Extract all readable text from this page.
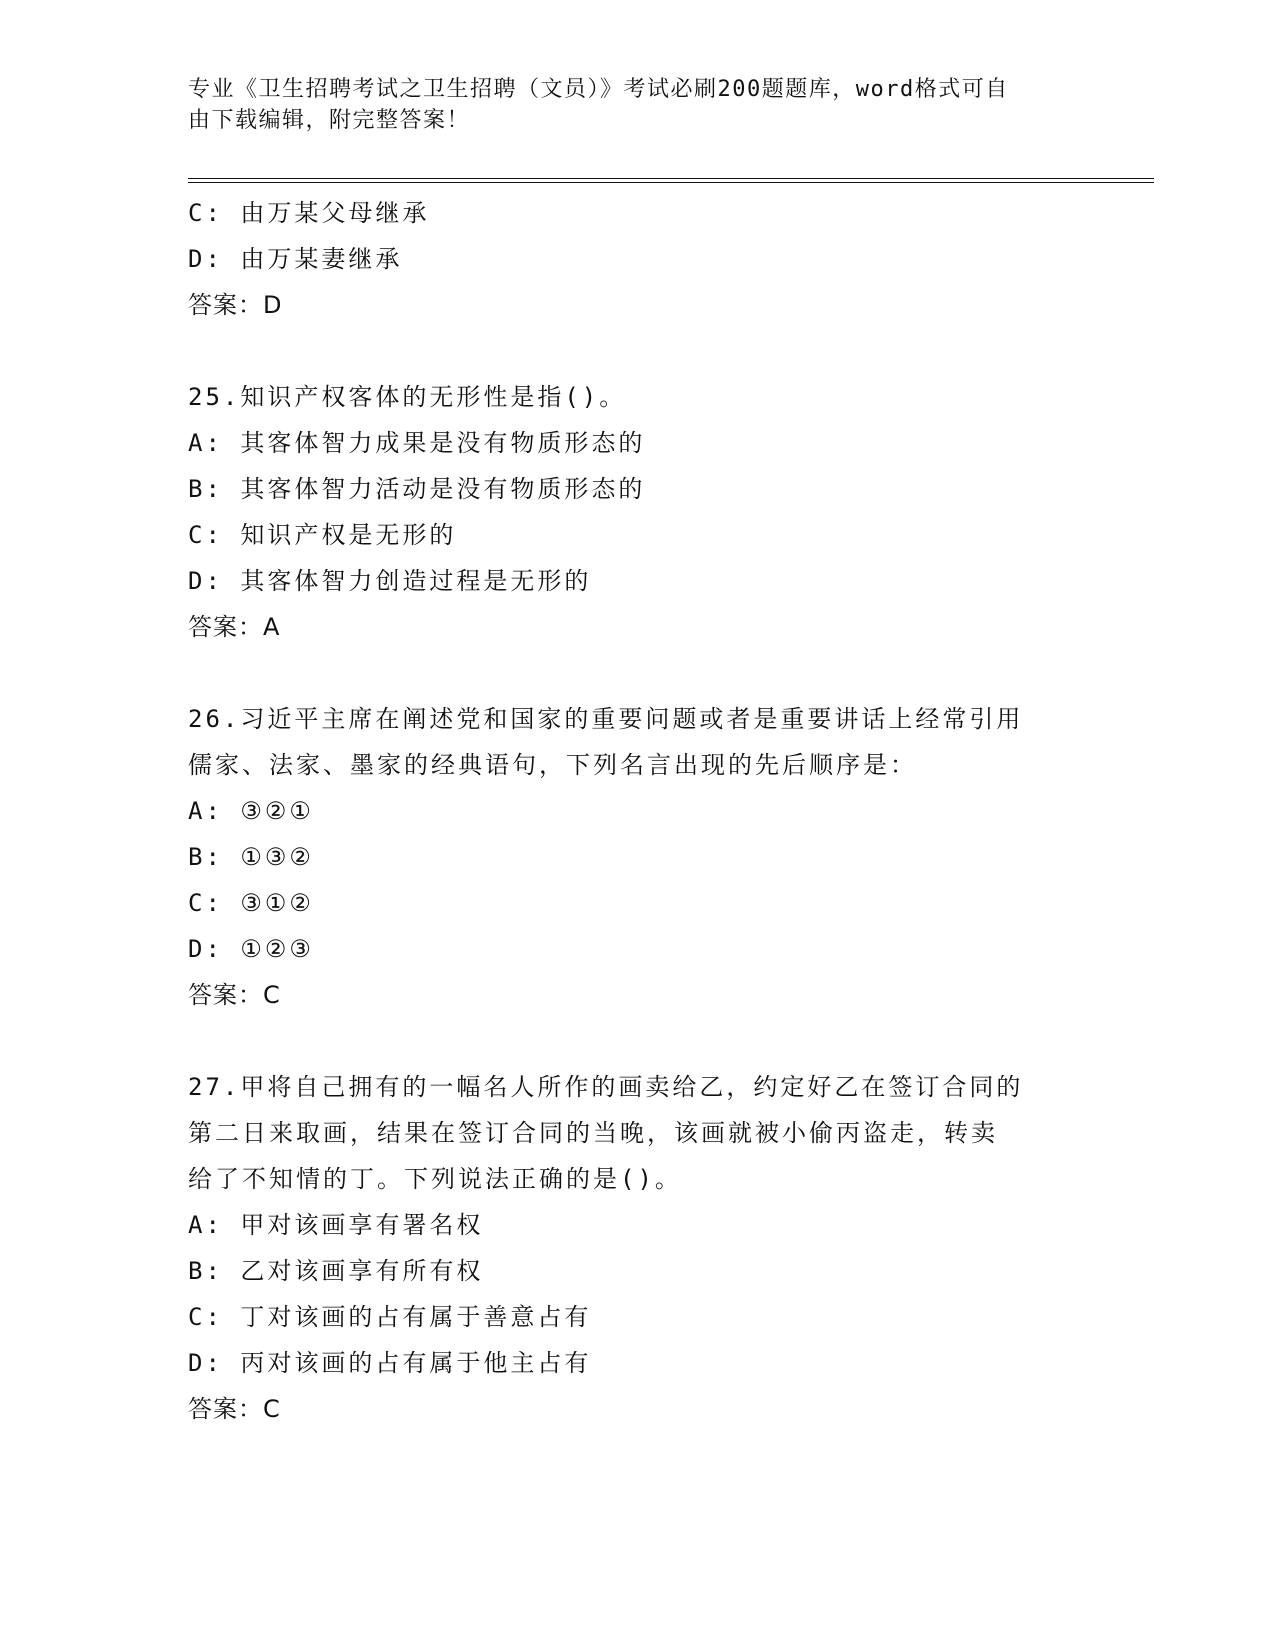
专业《卫生招聘考试之卫生招聘（文员）》考试必刷200题题库，word格式可自
由下载编辑，附完整答案！
C: 由万某父母继承
D: 由万某妻继承
答案：D
25.知识产权客体的无形性是指()。
A: 其客体智力成果是没有物质形态的
B: 其客体智力活动是没有物质形态的
C: 知识产权是无形的
D: 其客体智力创造过程是无形的
答案：A
26.习近平主席在阐述党和国家的重要问题或者是重要讲话上经常引用
儒家、法家、墨家的经典语句，下列名言出现的先后顺序是：
A: ③②①
B: ①③②
C: ③①②
D: ①②③
答案：C
27.甲将自己拥有的一幅名人所作的画卖给乙，约定好乙在签订合同的
第二日来取画，结果在签订合同的当晚，该画就被小偷丙盗走，转卖
给了不知情的丁。下列说法正确的是()。
A: 甲对该画享有署名权
B: 乙对该画享有所有权
C: 丁对该画的占有属于善意占有
D: 丙对该画的占有属于他主占有
答案：C
